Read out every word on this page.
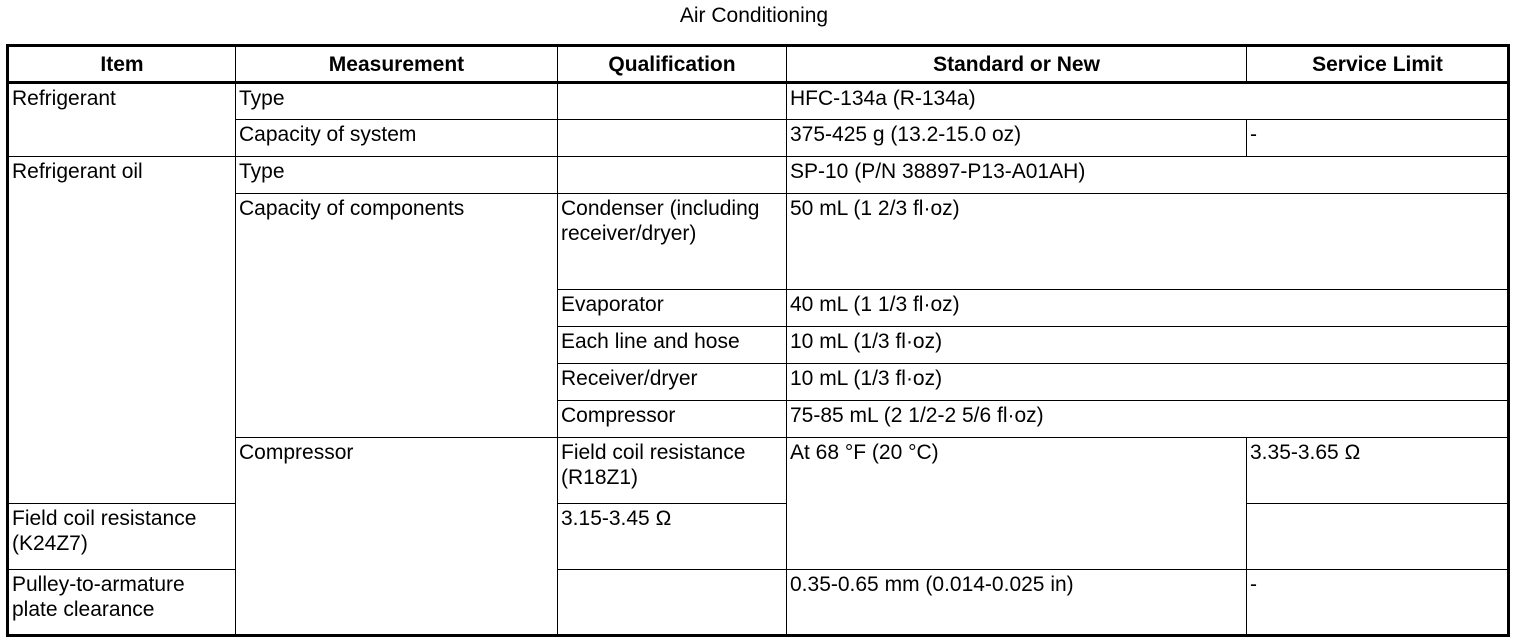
Air Conditioning
Item	Measurement	Qualification	Standard or New	Service Limit
Refrigerant	Type		HFC-134a (R-134a)	
	Capacity of system		375-425 g (13.2-15.0 oz)	-
Refrigerant oil	Type		SP-10 (P/N 38897-P13-A01AH)	
	Capacity of components	Condenser (including receiver/dryer)	50 mL (1 2/3 fl·oz)	
		Evaporator	40 mL (1 1/3 fl·oz)	
		Each line and hose	10 mL (1/3 fl·oz)	
		Receiver/dryer	10 mL (1/3 fl·oz)	
		Compressor	75-85 mL (2 1/2-2 5/6 fl·oz)	
	Compressor	Field coil resistance (R18Z1)	At 68 °F (20 °C)	3.35-3.65 Ω
Field coil resistance (K24Z7)		3.15-3.45 Ω		
Pulley-to-armature plate clearance			0.35-0.65 mm (0.014-0.025 in)	-
